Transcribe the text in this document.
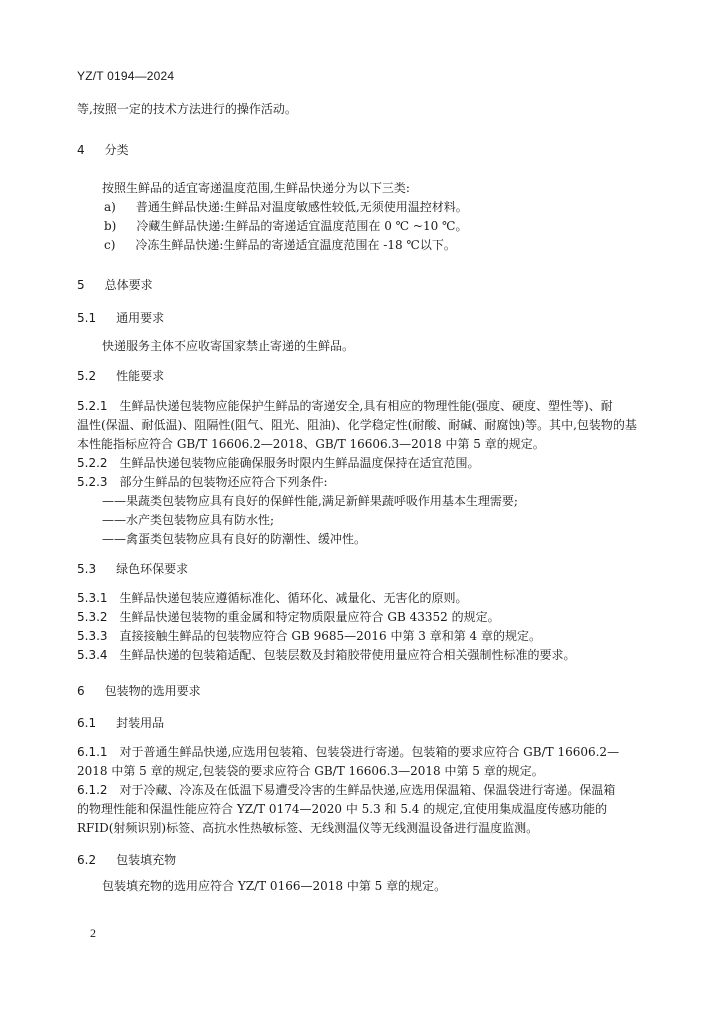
YZ/T 0194—2024
等,按照一定的技术方法进行的操作活动。
4 分类
按照生鲜品的适宜寄递温度范围,生鲜品快递分为以下三类:
a) 普通生鲜品快递:生鲜品对温度敏感性较低,无须使用温控材料。
b) 冷藏生鲜品快递:生鲜品的寄递适宜温度范围在 0 ℃ ~10 ℃。
c) 冷冻生鲜品快递:生鲜品的寄递适宜温度范围在 -18 ℃以下。
5 总体要求
5.1 通用要求
快递服务主体不应收寄国家禁止寄递的生鲜品。
5.2 性能要求
5.2.1 生鲜品快递包装物应能保护生鲜品的寄递安全,具有相应的物理性能(强度、硬度、塑性等)、耐
温性(保温、耐低温)、阻隔性(阻气、阻光、阻油)、化学稳定性(耐酸、耐碱、耐腐蚀)等。其中,包装物的基
本性能指标应符合 GB/T 16606.2—2018、GB/T 16606.3—2018 中第 5 章的规定。
5.2.2 生鲜品快递包装物应能确保服务时限内生鲜品温度保持在适宜范围。
5.2.3 部分生鲜品的包装物还应符合下列条件:
——果蔬类包装物应具有良好的保鲜性能,满足新鲜果蔬呼吸作用基本生理需要;
——水产类包装物应具有防水性;
——禽蛋类包装物应具有良好的防潮性、缓冲性。
5.3 绿色环保要求
5.3.1 生鲜品快递包装应遵循标准化、循环化、减量化、无害化的原则。
5.3.2 生鲜品快递包装物的重金属和特定物质限量应符合 GB 43352 的规定。
5.3.3 直接接触生鲜品的包装物应符合 GB 9685—2016 中第 3 章和第 4 章的规定。
5.3.4 生鲜品快递的包装箱适配、包装层数及封箱胶带使用量应符合相关强制性标准的要求。
6 包装物的选用要求
6.1 封装用品
6.1.1 对于普通生鲜品快递,应选用包装箱、包装袋进行寄递。包装箱的要求应符合 GB/T 16606.2—
2018 中第 5 章的规定,包装袋的要求应符合 GB/T 16606.3—2018 中第 5 章的规定。
6.1.2 对于冷藏、冷冻及在低温下易遭受冷害的生鲜品快递,应选用保温箱、保温袋进行寄递。保温箱
的物理性能和保温性能应符合 YZ/T 0174—2020 中 5.3 和 5.4 的规定,宜使用集成温度传感功能的
RFID(射频识别)标签、高抗水性热敏标签、无线测温仪等无线测温设备进行温度监测。
6.2 包装填充物
包装填充物的选用应符合 YZ/T 0166—2018 中第 5 章的规定。
2
